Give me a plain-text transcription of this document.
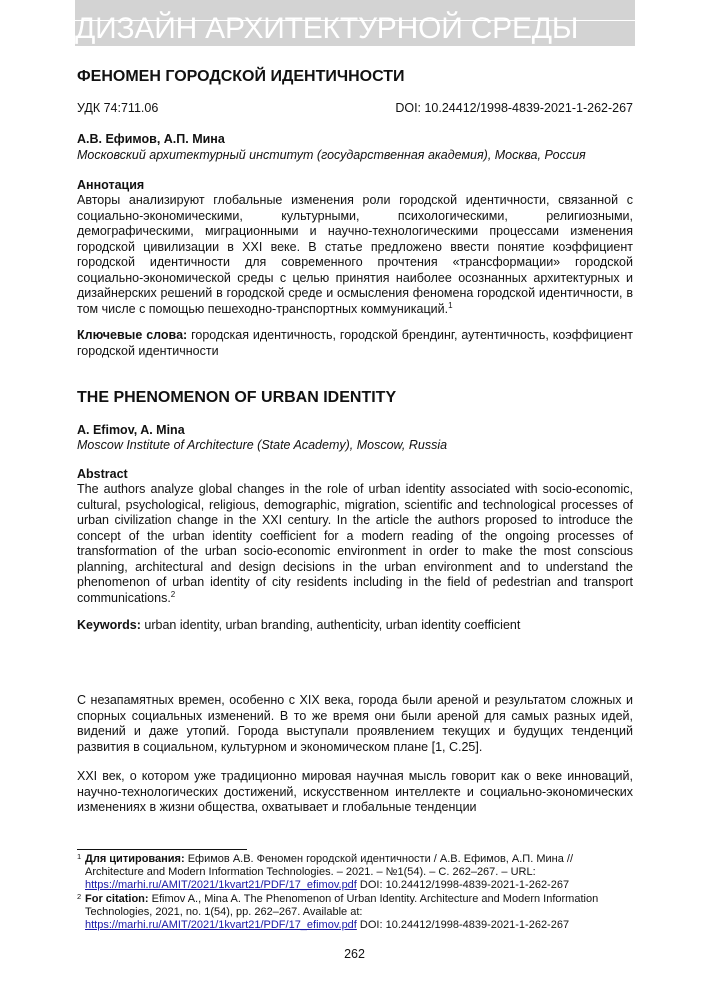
ДИЗАЙН АРХИТЕКТУРНОЙ СРЕДЫ
ФЕНОМЕН ГОРОДСКОЙ ИДЕНТИЧНОСТИ
УДК 74:711.06	DOI: 10.24412/1998-4839-2021-1-262-267
А.В. Ефимов, А.П. Мина
Московский архитектурный институт (государственная академия), Москва, Россия
Аннотация
Авторы анализируют глобальные изменения роли городской идентичности, связанной с социально-экономическими, культурными, психологическими, религиозными, демографическими, миграционными и научно-технологическими процессами изменения городской цивилизации в XXI веке. В статье предложено ввести понятие коэффициент городской идентичности для современного прочтения «трансформации» городской социально-экономической среды с целью принятия наиболее осознанных архитектурных и дизайнерских решений в городской среде и осмысления феномена городской идентичности, в том числе с помощью пешеходно-транспортных коммуникаций.$^1$
Ключевые слова: городская идентичность, городской брендинг, аутентичность, коэффициент городской идентичности
THE PHENOMENON OF URBAN IDENTITY
A. Efimov, A. Mina
Moscow Institute of Architecture (State Academy), Moscow, Russia
Abstract
The authors analyze global changes in the role of urban identity associated with socio-economic, cultural, psychological, religious, demographic, migration, scientific and technological processes of urban civilization change in the XXI century. In the article the authors proposed to introduce the concept of the urban identity coefficient for a modern reading of the ongoing processes of transformation of the urban socio-economic environment in order to make the most conscious planning, architectural and design decisions in the urban environment and to understand the phenomenon of urban identity of city residents including in the field of pedestrian and transport communications.$^2$
Keywords: urban identity, urban branding, authenticity, urban identity coefficient
С незапамятных времен, особенно с XIX века, города были ареной и результатом сложных и спорных социальных изменений. В то же время они были ареной для самых разных идей, видений и даже утопий. Города выступали проявлением текущих и будущих тенденций развития в социальном, культурном и экономическом плане [1, С.25].
XXI век, о котором уже традиционно мировая научная мысль говорит как о веке инноваций, научно-технологических достижений, искусственном интеллекте и социально-экономических изменениях в жизни общества, охватывает и глобальные тенденции
1 Для цитирования: Ефимов А.В. Феномен городской идентичности / А.В. Ефимов, А.П. Мина // Architecture and Modern Information Technologies. – 2021. – №1(54). – С. 262–267. – URL: https://marhi.ru/AMIT/2021/1kvart21/PDF/17_efimov.pdf DOI: 10.24412/1998-4839-2021-1-262-267
2 For citation: Efimov A., Mina A. The Phenomenon of Urban Identity. Architecture and Modern Information Technologies, 2021, no. 1(54), pp. 262–267. Available at: https://marhi.ru/AMIT/2021/1kvart21/PDF/17_efimov.pdf DOI: 10.24412/1998-4839-2021-1-262-267
262
